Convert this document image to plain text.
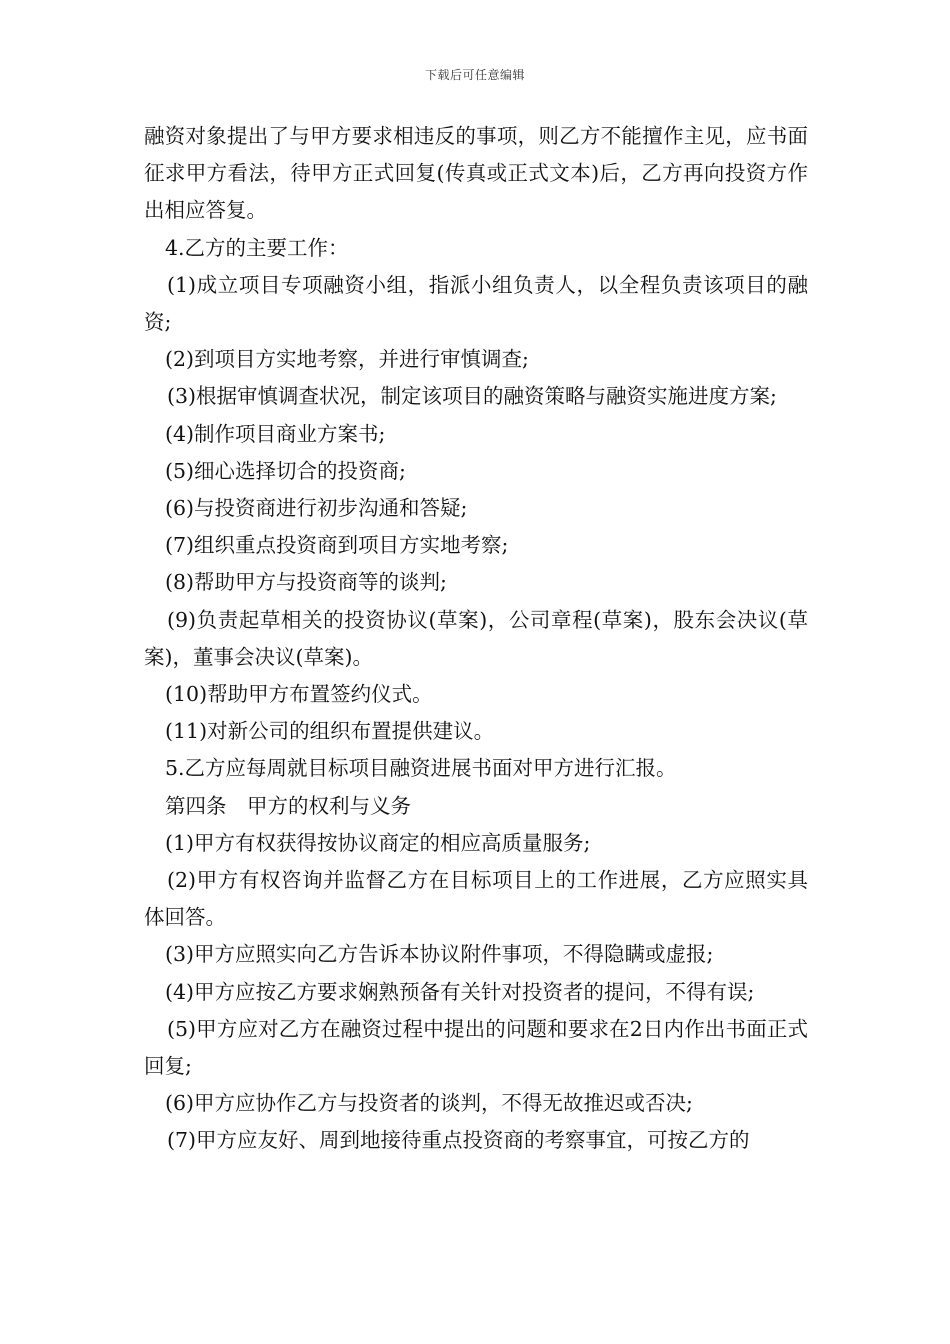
下载后可任意编辑

融资对象提出了与甲方要求相违反的事项，则乙方不能擅作主见，应书面征求甲方看法，待甲方正式回复(传真或正式文本)后，乙方再向投资方作出相应答复。

4.乙方的主要工作：

(1)成立项目专项融资小组，指派小组负责人，以全程负责该项目的融资;

(2)到项目方实地考察，并进行审慎调查;

(3)根据审慎调查状况，制定该项目的融资策略与融资实施进度方案;

(4)制作项目商业方案书;

(5)细心选择切合的投资商;

(6)与投资商进行初步沟通和答疑;

(7)组织重点投资商到项目方实地考察;

(8)帮助甲方与投资商等的谈判;

(9)负责起草相关的投资协议(草案)，公司章程(草案)，股东会决议(草案)，董事会决议(草案)。

(10)帮助甲方布置签约仪式。

(11)对新公司的组织布置提供建议。

5.乙方应每周就目标项目融资进展书面对甲方进行汇报。

第四条　甲方的权利与义务

(1)甲方有权获得按协议商定的相应高质量服务;

(2)甲方有权咨询并监督乙方在目标项目上的工作进展，乙方应照实具体回答。

(3)甲方应照实向乙方告诉本协议附件事项，不得隐瞒或虚报;

(4)甲方应按乙方要求娴熟预备有关针对投资者的提问，不得有误;

(5)甲方应对乙方在融资过程中提出的问题和要求在2日内作出书面正式回复;

(6)甲方应协作乙方与投资者的谈判，不得无故推迟或否决;

(7)甲方应友好、周到地接待重点投资商的考察事宜，可按乙方的
